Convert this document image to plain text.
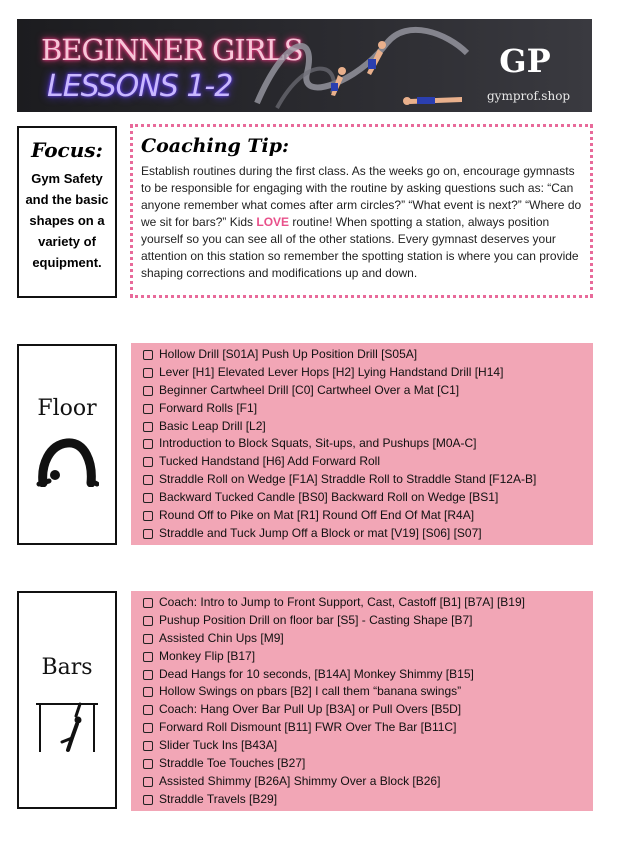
BEGINNER GIRLS
LESSONS 1-2
GP
gymprof.shop
Focus:
Gym Safety and the basic shapes on a variety of equipment.
Coaching Tip:
Establish routines during the first class. As the weeks go on, encourage gymnasts to be responsible for engaging with the routine by asking questions such as: “Can anyone remember what comes after arm circles?” “What event is next?” “Where do we sit for bars?” Kids LOVE routine! When spotting a station, always position yourself so you can see all of the other stations. Every gymnast deserves your attention on this station so remember the spotting station is where you can provide shaping corrections and modifications up and down.
Floor
Hollow Drill [S01A] Push Up Position Drill [S05A]
Lever [H1] Elevated Lever Hops [H2] Lying Handstand Drill [H14]
Beginner Cartwheel Drill [C0] Cartwheel Over a Mat [C1]
Forward Rolls [F1]
Basic Leap Drill [L2]
Introduction to Block Squats, Sit-ups, and Pushups [M0A-C]
Tucked Handstand [H6] Add Forward Roll
Straddle Roll on Wedge [F1A] Straddle Roll to Straddle Stand [F12A-B]
Backward Tucked Candle [BS0] Backward Roll on Wedge [BS1]
Round Off to Pike on Mat [R1] Round Off End Of Mat [R4A]
Straddle and Tuck Jump Off a Block or mat [V19] [S06] [S07]
Bars
Coach: Intro to Jump to Front Support, Cast, Castoff [B1] [B7A] [B19]
Pushup Position Drill on floor bar [S5] - Casting Shape [B7]
Assisted Chin Ups [M9]
Monkey Flip [B17]
Dead Hangs for 10 seconds, [B14A] Monkey Shimmy [B15]
Hollow Swings on pbars [B2] I call them “banana swings”
Coach: Hang Over Bar Pull Up [B3A] or Pull Overs [B5D]
Forward Roll Dismount [B11] FWR Over The Bar [B11C]
Slider Tuck Ins [B43A]
Straddle Toe Touches [B27]
Assisted Shimmy [B26A] Shimmy Over a Block [B26]
Straddle Travels [B29]
